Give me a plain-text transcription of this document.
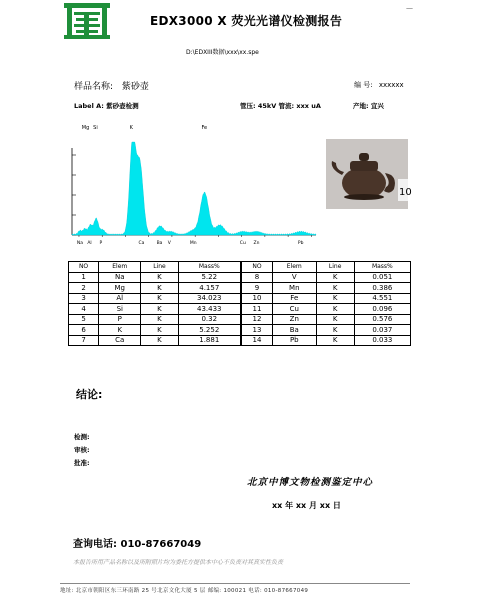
EDX3000 X 荧光光谱仪检测报告
—
D:\EDXIII数据\xxx\xx.spe
样品名称: 紫砂壶	编 号: xxxxxx
Label A: 紫砂壶检测	管压: 45kV 管流: xxx uA	产地: 宜兴
Mg Si	K	Fe
Na Al P	Ca	Ba V	Mn	Cu Zn	Pb
10
NO	Elem	Line	Mass%
1	Na	K	5.22
2	Mg	K	4.157
3	Al	K	34.023
4	Si	K	43.433
5	P	K	0.32
6	K	K	5.252
7	Ca	K	1.881
NO	Elem	Line	Mass%
8	V	K	0.051
9	Mn	K	0.386
10	Fe	K	4.551
11	Cu	K	0.096
12	Zn	K	0.576
13	Ba	K	0.037
14	Pb	K	0.033
结论:
检测:
审核:
批准:
北京中博文物检测鉴定中心
xx 年 xx 月 xx 日
查询电话: 010-87667049
本报告所用产品名称以及所附照片均为委托方提供本中心不负责对其真实性负责
地址: 北京市朝阳区东三环南路 25 号北京文化大厦 5 层 邮编: 100021 电话: 010-87667049
